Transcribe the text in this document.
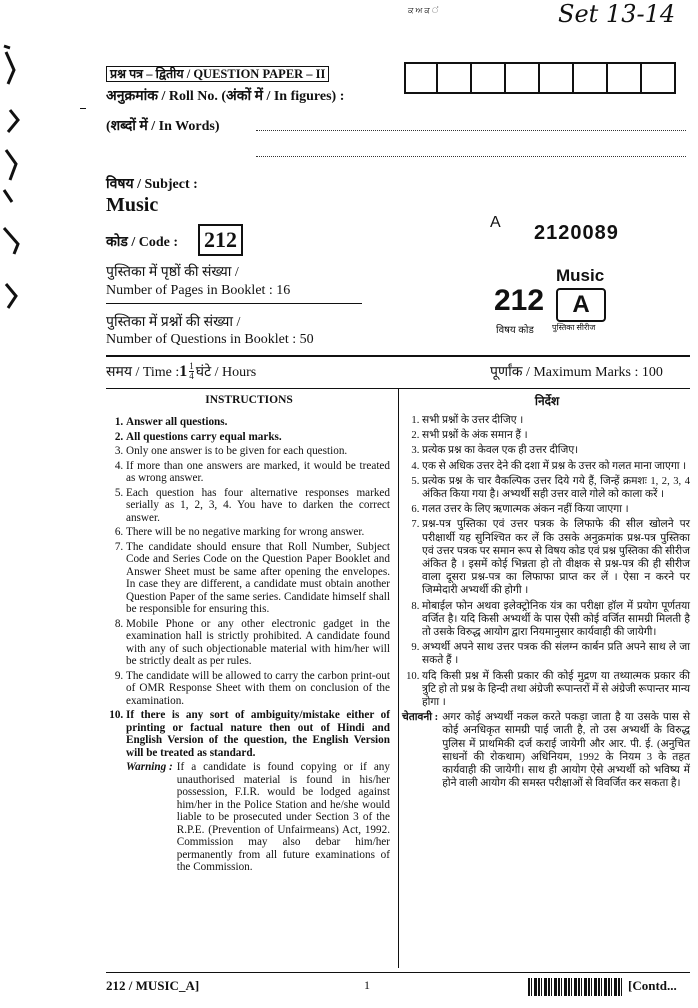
ਕ ਅ ਕ ਂ	Set 13-14
प्रश्न पत्र – द्वितीय / QUESTION PAPER – II
अनुक्रमांक / Roll No. (अंकों में / In figures) :
(शब्दों में / In Words)
विषय / Subject :
Music
कोड / Code : 212
A 2120089
पुस्तिका में पृष्ठों की संख्या /
Number of Pages in Booklet : 16
पुस्तिका में प्रश्नों की संख्या /
Number of Questions in Booklet : 50
Music
212
विषय कोड
A
पुस्तिका सीरीज
समय / Time : 1 1
4 घंटे / Hours	पूर्णांक / Maximum Marks : 100
INSTRUCTIONS
1. Answer all questions.
2. All questions carry equal marks.
3. Only one answer is to be given for each question.
4. If more than one answers are marked, it would be treated as wrong answer.
5. Each question has four alternative responses marked serially as 1, 2, 3, 4. You have to darken the correct answer.
6. There will be no negative marking for wrong answer.
7. The candidate should ensure that Roll Number, Subject Code and Series Code on the Question Paper Booklet and Answer Sheet must be same after opening the envelopes. In case they are different, a candidate must obtain another Question Paper of the same series. Candidate himself shall be responsible for ensuring this.
8. Mobile Phone or any other electronic gadget in the examination hall is strictly prohibited. A candidate found with any of such objectionable material with him/her will be strictly dealt as per rules.
9. The candidate will be allowed to carry the carbon print-out of OMR Response Sheet with them on conclusion of the examination.
10. If there is any sort of ambiguity/mistake either of printing or factual nature then out of Hindi and English Version of the question, the English Version will be treated as standard.
Warning : If a candidate is found copying or if any unauthorised material is found in his/her possession, F.I.R. would be lodged against him/her in the Police Station and he/she would liable to be prosecuted under Section 3 of the R.P.E. (Prevention of Unfairmeans) Act, 1992. Commission may also debar him/her permanently from all future examinations of the Commission.
निर्देश
1. सभी प्रश्नों के उत्तर दीजिए ।
2. सभी प्रश्नों के अंक समान हैं ।
3. प्रत्येक प्रश्न का केवल एक ही उत्तर दीजिए।
4. एक से अधिक उत्तर देने की दशा में प्रश्न के उत्तर को गलत माना जाएगा ।
5. प्रत्येक प्रश्न के चार वैकल्पिक उत्तर दिये गये हैं, जिन्हें क्रमशः 1, 2, 3, 4 अंकित किया गया है। अभ्यर्थी सही उत्तर वाले गोले को काला करें ।
6. गलत उत्तर के लिए ऋणात्मक अंकन नहीं किया जाएगा ।
7. प्रश्न-पत्र पुस्तिका एवं उत्तर पत्रक के लिफाफे की सील खोलने पर परीक्षार्थी यह सुनिश्चित कर लें कि उसके अनुक्रमांक प्रश्न-पत्र पुस्तिका एवं उत्तर पत्रक पर समान रूप से विषय कोड एवं प्रश्न पुस्तिका की सीरीज अंकित है । इसमें कोई भिन्नता हो तो वीक्षक से प्रश्न-पत्र की ही सीरीज वाला दूसरा प्रश्न-पत्र का लिफाफा प्राप्त कर लें । ऐसा न करने पर जिम्मेदारी अभ्यर्थी की होगी ।
8. मोबाईल फोन अथवा इलेक्ट्रोनिक यंत्र का परीक्षा हॉल में प्रयोग पूर्णतया वर्जित है। यदि किसी अभ्यर्थी के पास ऐसी कोई वर्जित सामग्री मिलती है तो उसके विरुद्ध आयोग द्वारा नियमानुसार कार्यवाही की जायेगी।
9. अभ्यर्थी अपने साथ उत्तर पत्रक की संलग्न कार्बन प्रति अपने साथ ले जा सकते हैं ।
10. यदि किसी प्रश्न में किसी प्रकार की कोई मुद्रण या तथ्यात्मक प्रकार की त्रुटि हो तो प्रश्न के हिन्दी तथा अंग्रेजी रूपान्तरों में से अंग्रेजी रूपान्तर मान्य होगा ।
चेतावनी : अगर कोई अभ्यर्थी नकल करते पकड़ा जाता है या उसके पास से कोई अनधिकृत सामग्री पाई जाती है, तो उस अभ्यर्थी के विरुद्ध पुलिस में प्राथमिकी दर्ज कराई जायेगी और आर. पी. ई. (अनुचित साधनों की रोकथाम) अधिनियम, 1992 के नियम 3 के तहत कार्यवाही की जायेगी। साथ ही आयोग ऐसे अभ्यर्थी को भविष्य में होने वाली आयोग की समस्त परीक्षाओं से विवर्जित कर सकता है।
212 / MUSIC_A]	1	[Contd...
